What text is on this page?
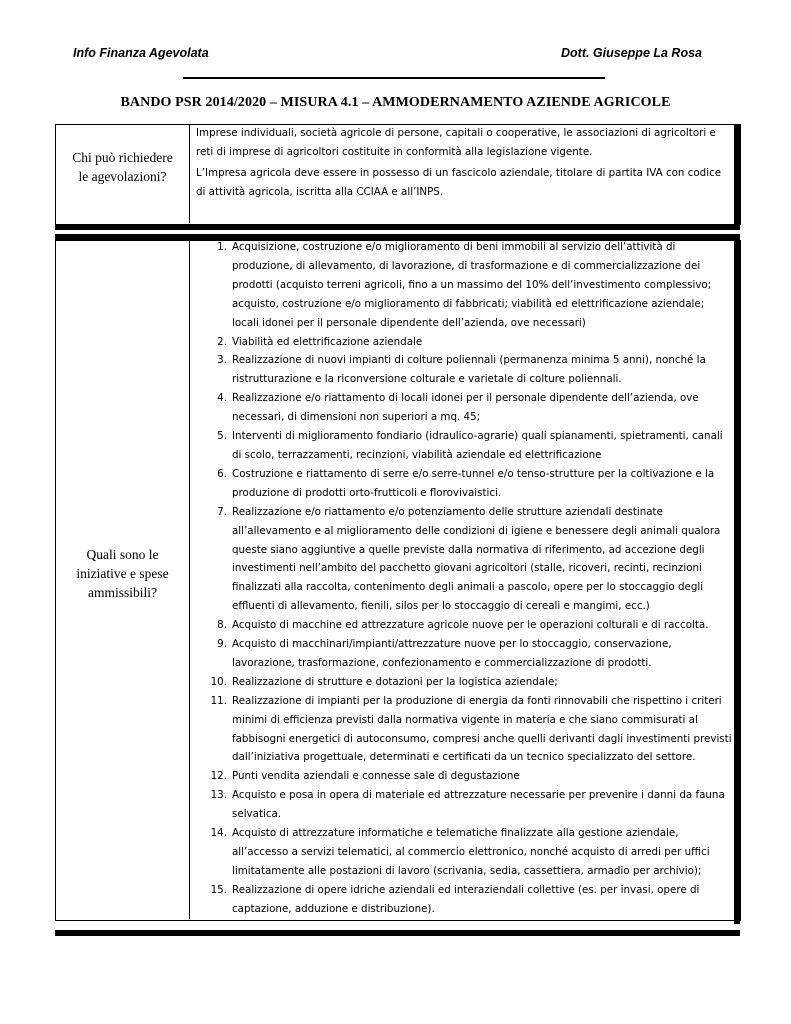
Info Finanza Agevolata	Dott. Giuseppe La Rosa
BANDO PSR 2014/2020 – MISURA 4.1 – AMMODERNAMENTO AZIENDE AGRICOLE
Chi può richiedere
le agevolazioni?
Imprese individuali, società agricole di persone, capitali o cooperative, le associazioni di agricoltori e
reti di imprese di agricoltori costituite in conformità alla legislazione vigente.
L’Impresa agricola deve essere in possesso di un fascicolo aziendale, titolare di partita IVA con codice
di attività agricola, iscritta alla CCIAA e all’INPS.
Quali sono le
iniziative e spese
ammissibili?
1. Acquisizione, costruzione e/o miglioramento di beni immobili al servizio dell’attività di
produzione, di allevamento, di lavorazione, di trasformazione e di commercializzazione dei
prodotti (acquisto terreni agricoli, fino a un massimo del 10% dell’investimento complessivo;
acquisto, costruzione e/o miglioramento di fabbricati; viabilità ed elettrificazione aziendale;
locali idonei per il personale dipendente dell’azienda, ove necessari)
2. Viabilità ed elettrificazione aziendale
3. Realizzazione di nuovi impianti di colture poliennali (permanenza minima 5 anni), nonché la
ristrutturazione e la riconversione colturale e varietale di colture poliennali.
4. Realizzazione e/o riattamento di locali idonei per il personale dipendente dell’azienda, ove
necessari, di dimensioni non superiori a mq. 45;
5. Interventi di miglioramento fondiario (idraulico-agrarie) quali spianamenti, spietramenti, canali
di scolo, terrazzamenti, recinzioni, viabilità aziendale ed elettrificazione
6. Costruzione e riattamento di serre e/o serre-tunnel e/o tenso-strutture per la coltivazione e la
produzione di prodotti orto-frutticoli e florovivaistici.
7. Realizzazione e/o riattamento e/o potenziamento delle strutture aziendali destinate
all’allevamento e al miglioramento delle condizioni di igiene e benessere degli animali qualora
queste siano aggiuntive a quelle previste dalla normativa di riferimento, ad accezione degli
investimenti nell’ambito del pacchetto giovani agricoltori (stalle, ricoveri, recinti, recinzioni
finalizzati alla raccolta, contenimento degli animali a pascolo, opere per lo stoccaggio degli
effluenti di allevamento, fienili, silos per lo stoccaggio di cereali e mangimi, ecc.)
8. Acquisto di macchine ed attrezzature agricole nuove per le operazioni colturali e di raccolta.
9. Acquisto di macchinari/impianti/attrezzature nuove per lo stoccaggio, conservazione,
lavorazione, trasformazione, confezionamento e commercializzazione di prodotti.
10. Realizzazione di strutture e dotazioni per la logistica aziendale;
11. Realizzazione di impianti per la produzione di energia da fonti rinnovabili che rispettino i criteri
minimi di efficienza previsti dalla normativa vigente in materia e che siano commisurati al
fabbisogni energetici di autoconsumo, compresi anche quelli derivanti dagli investimenti previsti
dall’iniziativa progettuale, determinati e certificati da un tecnico specializzato del settore.
12. Punti vendita aziendali e connesse sale di degustazione
13. Acquisto e posa in opera di materiale ed attrezzature necessarie per prevenire i danni da fauna
selvatica.
14. Acquisto di attrezzature informatiche e telematiche finalizzate alla gestione aziendale,
all’accesso a servizi telematici, al commercio elettronico, nonché acquisto di arredi per uffici
limitatamente alle postazioni di lavoro (scrivania, sedia, cassettiera, armadio per archivio);
15. Realizzazione di opere idriche aziendali ed interaziendali collettive (es. per invasi, opere di
captazione, adduzione e distribuzione).
